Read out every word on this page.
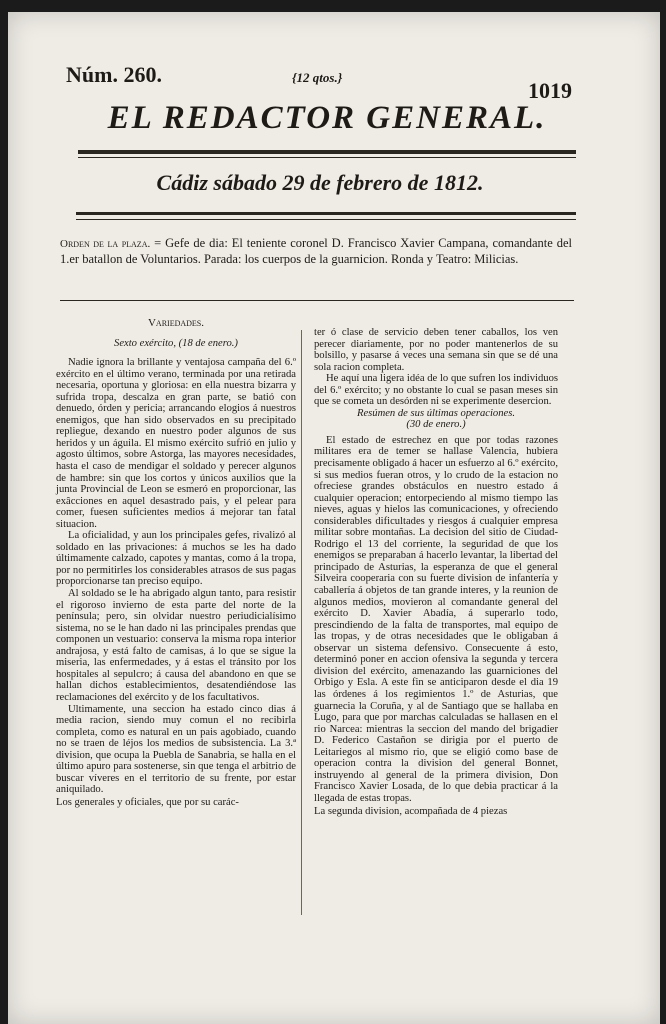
Núm. 260.	{12 qtos.}
1019
EL REDACTOR GENERAL.
Cádiz sábado 29 de febrero de 1812.
Orden de la plaza. = Gefe de dia: El teniente coronel D. Francisco Xavier Campana, comandante del 1.er batallon de Voluntarios. Parada: los cuerpos de la guarnicion. Ronda y Teatro: Milicias.

Variedades.

Sexto exército, (18 de enero.)

Nadie ignora la brillante y ventajosa campaña del 6.º exército en el último verano, terminada por una retirada necesaria, oportuna y gloriosa: en ella nuestra bizarra y sufrida tropa, descalza en gran parte, se batió con denuedo, órden y pericia; arrancando elogios á nuestros enemigos, que han sido observados en su precipitado repliegue, dexando en nuestro poder algunos de sus heridos y un águila. El mismo exército sufrió en julio y agosto últimos, sobre Astorga, las mayores necesidades, hasta el caso de mendigar el soldado y perecer algunos de hambre: sin que los cortos y únicos auxilios que la junta Provincial de Leon se esmeró en proporcionar, las exâcciones en aquel desastrado pais, y el pelear para comer, fuesen suficientes medios á mejorar tan fatal situacion.

La oficialidad, y aun los principales gefes, rivalizó al soldado en las privaciones: á muchos se les ha dado últimamente calzado, capotes y mantas, como á la tropa, por no permitirles los considerables atrasos de sus pagas proporcionarse tan preciso equipo.

Al soldado se le ha abrigado algun tanto, para resistir el rigoroso invierno de esta parte del norte de la península; pero, sin olvidar nuestro periudicialísimo sistema, no se le han dado ni las principales prendas que componen un vestuario: conserva la misma ropa interior andrajosa, y está falto de camisas, á lo que se sigue la miseria, las enfermedades, y á estas el tránsito por los hospitales al sepulcro; á causa del abandono en que se hallan dichos establecimientos, desatendiéndose las reclamaciones del exército y de los facultativos.

Ultimamente, una seccion ha estado cinco dias á media racion, siendo muy comun el no recibirla completa, como es natural en un pais agobiado, cuando no se traen de léjos los medios de subsistencia. La 3.ª division, que ocupa la Puebla de Sanabria, se halla en el último apuro para sostenerse, sin que tenga el arbitrio de buscar víveres en el territorio de su frente, por estar aniquilado.

Los generales y oficiales, que por su carác-

ter ó clase de servicio deben tener caballos, los ven perecer diariamente, por no poder mantenerlos de su bolsillo, y pasarse á veces una semana sin que se dé una sola racion completa.

He aquí una ligera idéa de lo que sufren los individuos del 6.º exército; y no obstante lo cual se pasan meses sin que se cometa un desórden ni se experimente desercion.

Resúmen de sus últimas operaciones.

(30 de enero.)

El estado de estrechez en que por todas razones militares era de temer se hallase Valencia, hubiera precisamente obligado á hacer un esfuerzo al 6.º exército, si sus medios fueran otros, y lo crudo de la estacion no ofreciese grandes obstáculos en nuestro estado á cualquier operacion; entorpeciendo al mismo tiempo las nieves, aguas y hielos las comunicaciones, y ofreciendo considerables dificultades y riesgos á cualquier empresa militar sobre montañas. La decision del sitio de Ciudad-Rodrigo el 13 del corriente, la seguridad de que los enemigos se preparaban á hacerlo levantar, la libertad del principado de Asturias, la esperanza de que el general Silveira cooperaria con su fuerte division de infantería y caballería á objetos de tan grande interes, y la reunion de algunos medios, movieron al comandante general del exército D. Xavier Abadía, á superarlo todo, prescindiendo de la falta de transportes, mal equipo de las tropas, y de otras necesidades que le obligaban á observar un sistema defensivo. Consecuente á esto, determinó poner en accion ofensiva la segunda y tercera division del exército, amenazando las guarniciones del Orbigo y Esla. A este fin se anticiparon desde el dia 19 las órdenes á los regimientos 1.º de Asturias, que guarnecia la Coruña, y al de Santiago que se hallaba en Lugo, para que por marchas calculadas se hallasen en el rio Narcea: mientras la seccion del mando del brigadier D. Federico Castañon se dirigia por el puerto de Leitariegos al mismo rio, que se eligió como base de operacion contra la division del general Bonnet, instruyendo al general de la primera division, Don Francisco Xavier Losada, de lo que debia practicar á la llegada de estas tropas.

La segunda division, acompañada de 4 piezas
